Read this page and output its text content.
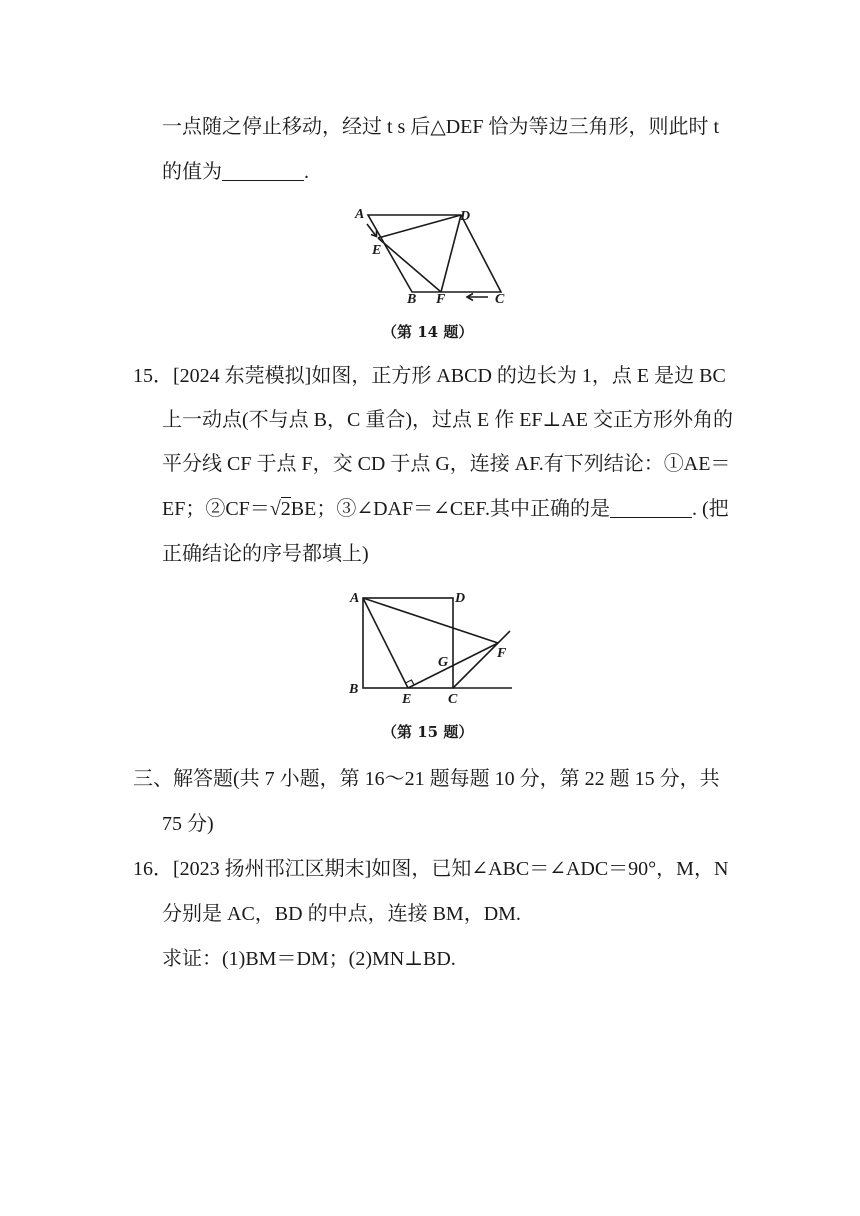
一点随之停止移动，经过 t s 后△DEF 恰为等边三角形，则此时 t
的值为	.
A	D
E
B F	C
（第 14 题）
15．[2024 东莞模拟]如图，正方形 ABCD 的边长为 1，点 E 是边 BC
上一动点(不与点 B，C 重合)，过点 E 作 EF⊥AE 交正方形外角的
平分线 CF 于点 F，交 CD 于点 G，连接 AF.有下列结论：①AE＝
EF；②CF＝√2BE；③∠DAF＝∠CEF.其中正确的是	. (把
正确结论的序号都填上)
A	D
B
E	C
G
F
（第 15 题）
三、解答题(共 7 小题，第 16～21 题每题 10 分，第 22 题 15 分，共
75 分)
16．[2023 扬州邗江区期末]如图，已知∠ABC＝∠ADC＝90°，M，N
分别是 AC，BD 的中点，连接 BM，DM.
求证：(1)BM＝DM；(2)MN⊥BD.
